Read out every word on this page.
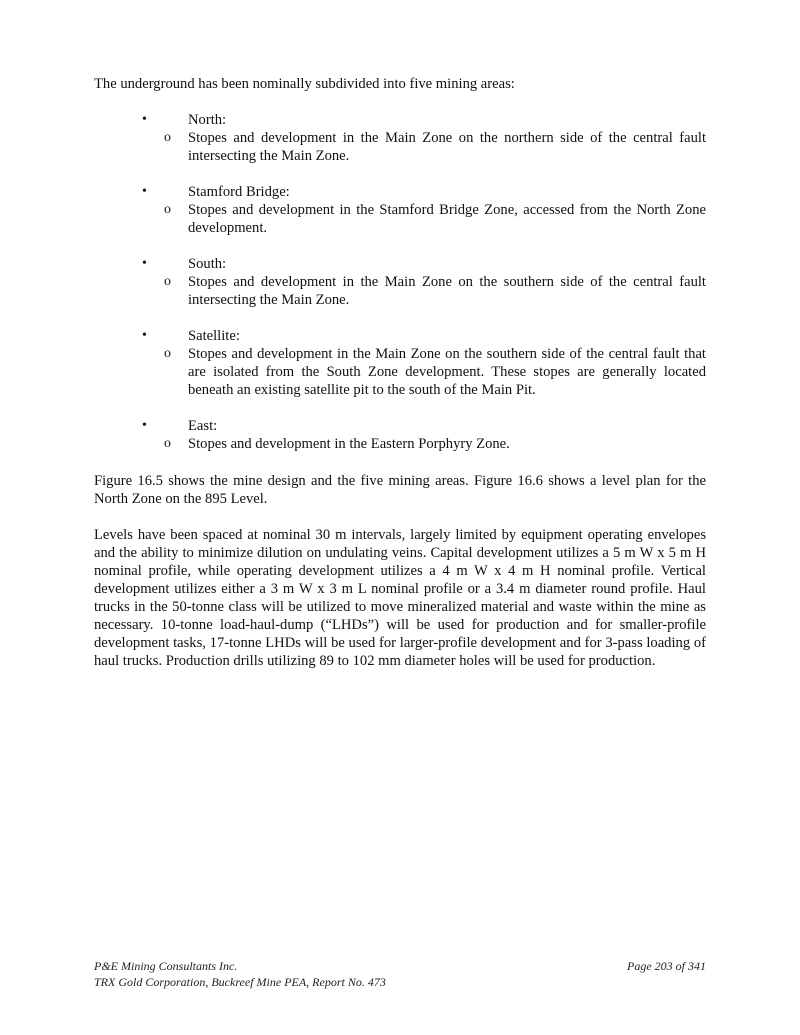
The underground has been nominally subdivided into five mining areas:

•	North:
o Stopes and development in the Main Zone on the northern side of the central fault intersecting the Main Zone.
•	Stamford Bridge:
o Stopes and development in the Stamford Bridge Zone, accessed from the North Zone development.
•	South:
o Stopes and development in the Main Zone on the southern side of the central fault intersecting the Main Zone.
•	Satellite:
o Stopes and development in the Main Zone on the southern side of the central fault that are isolated from the South Zone development. These stopes are generally located beneath an existing satellite pit to the south of the Main Pit.
•	East:
o Stopes and development in the Eastern Porphyry Zone.

Figure 16.5 shows the mine design and the five mining areas. Figure 16.6 shows a level plan for the North Zone on the 895 Level.

Levels have been spaced at nominal 30 m intervals, largely limited by equipment operating envelopes and the ability to minimize dilution on undulating veins. Capital development utilizes a 5 m W x 5 m H nominal profile, while operating development utilizes a 4 m W x 4 m H nominal profile. Vertical development utilizes either a 3 m W x 3 m L nominal profile or a 3.4 m diameter round profile. Haul trucks in the 50-tonne class will be utilized to move mineralized material and waste within the mine as necessary. 10-tonne load-haul-dump (“LHDs”) will be used for production and for smaller-profile development tasks, 17-tonne LHDs will be used for larger-profile development and for 3-pass loading of haul trucks. Production drills utilizing 89 to 102 mm diameter holes will be used for production.

P&E Mining Consultants Inc.	Page 203 of 341
TRX Gold Corporation, Buckreef Mine PEA, Report No. 473
